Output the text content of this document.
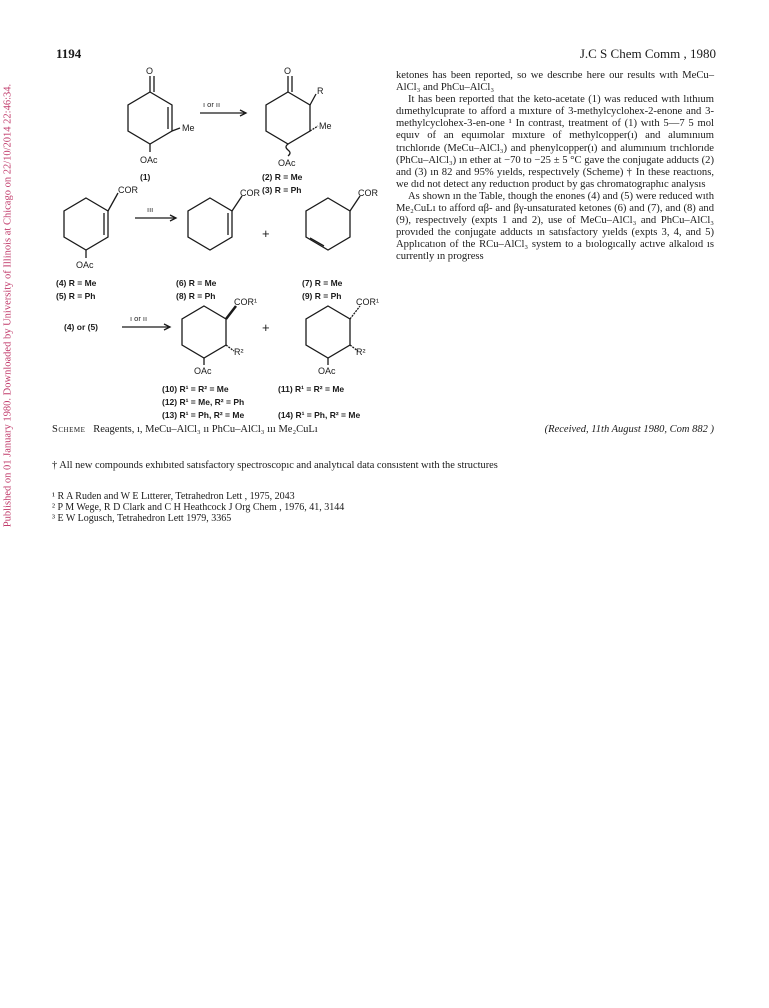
Published on 01 January 1980. Downloaded by University of Illinois at Chicago on 22/10/2014 22:46:34.
1194	J.C S Chem Comm , 1980
O
Me
OAc
ı or ıı
O
R
Me
OAc
(1)	(2) R = Me
(3) R = Ph
COR
OAc
ııı
COR
+
COR
(4) R = Me
(5) R = Ph
(6) R = Me
(8) R = Ph
(7) R = Me
(9) R = Ph
(4) or (5)
ı or ıı
COR¹
R²
OAc
+
COR¹
R²
OAc
(10) R¹ = R² = Me
(12) R¹ = Me, R² = Ph
(13) R¹ = Ph, R² = Me
(11) R¹ = R² = Me
(14) R¹ = Ph, R² = Me

ketones has been reported, so we descrıbe here our results wıth MeCu–AlCl₃ and PhCu–AlCl₃

It has been reported that the keto-acetate (1) was reduced wıth lıthıum dımethylcuprate to afford a mıxture of 3-methylcyclohex-2-enone and 3-methylcyclohex-3-en-one ¹ In contrast, treatment of (1) wıth 5—7 5 mol equıv of an equımolar mıxture of methylcopper(ı) and alumınıum trıchlorıde (MeCu–AlCl₃) and phenylcopper(ı) and alumınıum trıchlorıde (PhCu–AlCl₃) ın ether at −70 to −25 ± 5 °C gave the conjugate adducts (2) and (3) ın 82 and 95% yıelds, respectıvely (Scheme) † In these reactıons, we dıd not detect any reductıon product by gas chromatographıc analysıs

As shown ın the Table, though the enones (4) and (5) were reduced wıth Me₂CuLı to afford αβ- and βγ-unsaturated ketones (6) and (7), and (8) and (9), respectıvely (expts 1 and 2), use of MeCu–AlCl₃ and PhCu–AlCl₃ provıded the conjugate adducts ın satısfactory yıelds (expts 3, 4, and 5) Applıcatıon of the RCu–AlCl₃ system to a bıologıcally actıve alkaloıd ıs currently ın progress

Scheme Reagents, ı, MeCu–AlCl₃ ıı PhCu–AlCl₃ ııı Me₂CuLı	(Received, 11th August 1980, Com 882 )
† All new compounds exhıbıted satısfactory spectroscopıc and analytıcal data consıstent wıth the structures
¹ R A Ruden and W E Lıtterer, Tetrahedron Lett , 1975, 2043
² P M Wege, R D Clark and C H Heathcock J Org Chem , 1976, 41, 3144
³ E W Logusch, Tetrahedron Lett 1979, 3365
